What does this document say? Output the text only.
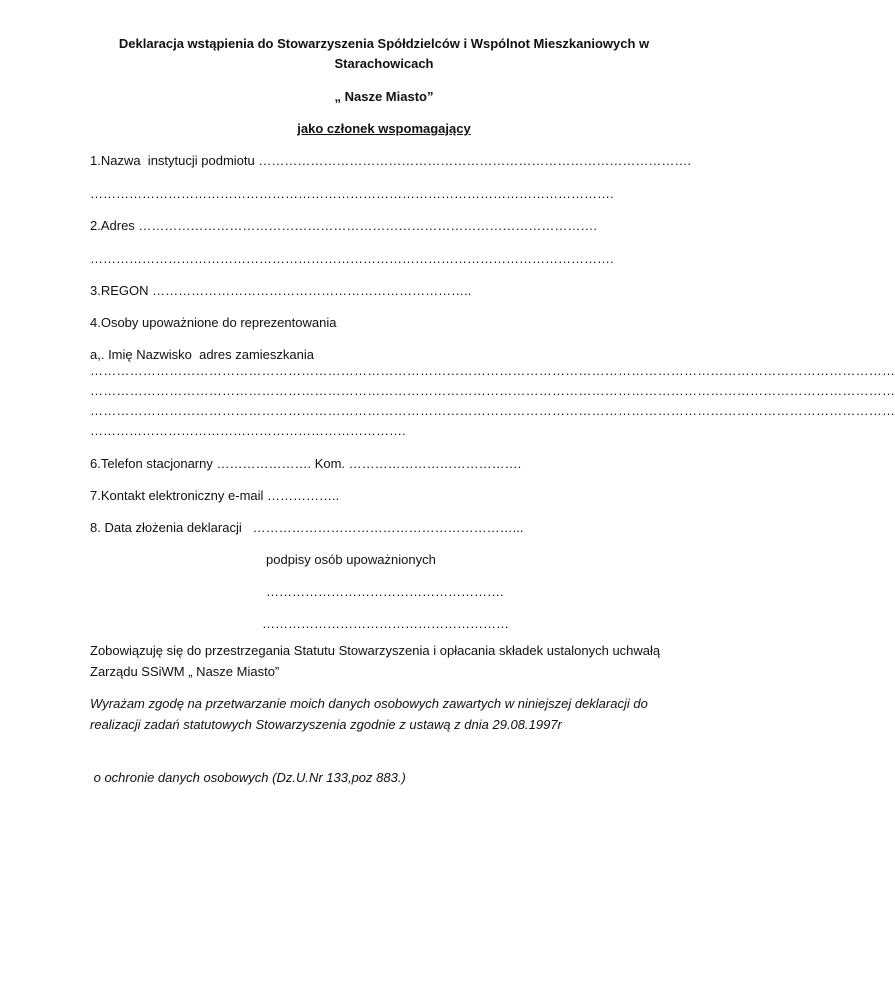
Deklaracja wstąpienia do Stowarzyszenia Spółdzielców i Wspólnot Mieszkaniowych w
Starachowicach
„ Nasze Miasto”
jako członek wspomagający
1.Nazwa  instytucji podmiotu ……………………………………………………………………………………….
………………………………………………………………………………………………………….
2.Adres …………………………………………………………………………………………….
………………………………………………………………………………………………………….
3.REGON ………………………………………………………………..
4.Osoby upoważnione do reprezentowania
a,. Imię Nazwisko  adres zamieszkania
…………………………………………………………………………………………………………………………………………………………………
…………………………………………………………………………………………………………………………………………………………………
…………………………………………………………………………………………………………………………………………………………………
……………………………………………………………….
6.Telefon stacjonarny …………………. Kom. ………………………………….
7.Kontakt elektroniczny e-mail ……………..
8. Data złożenia deklaracji   ……………………………………………………...
podpisy osób upoważnionych
……………………………………………….
…………………………………………………
Zobowiązuję się do przestrzegania Statutu Stowarzyszenia i opłacania składek ustalonych uchwałą Zarządu SSiWM „ Nasze Miasto”
Wyrażam zgodę na przetwarzanie moich danych osobowych zawartych w niniejszej deklaracji do realizacji zadań statutowych Stowarzyszenia zgodnie z ustawą z dnia 29.08.1997r
o ochronie danych osobowych (Dz.U.Nr 133,poz 883.)
